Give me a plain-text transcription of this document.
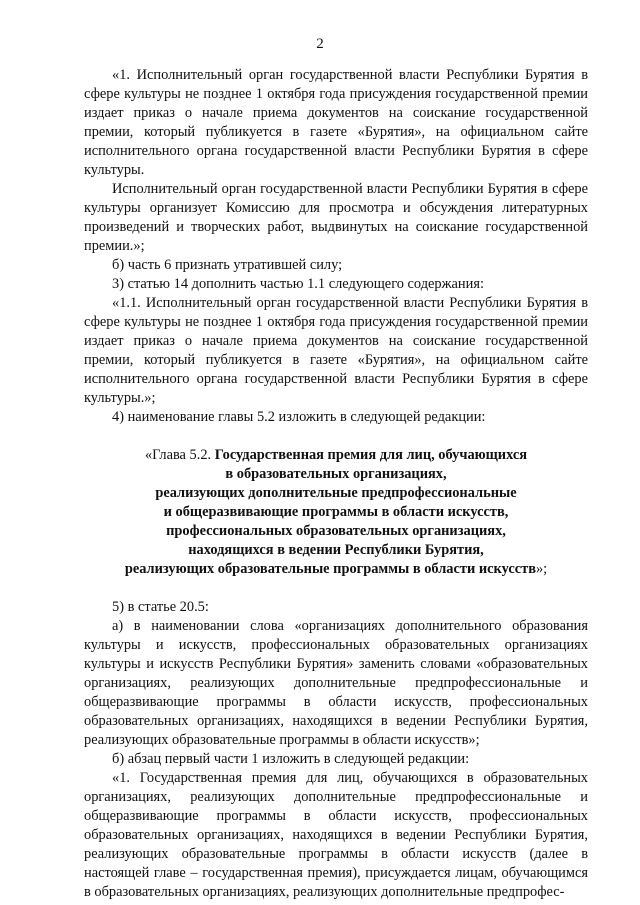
2

«1. Исполнительный орган государственной власти Республики Бурятия в сфере культуры не позднее 1 октября года присуждения государственной премии издает приказ о начале приема документов на соискание государственной премии, который публикуется в газете «Бурятия», на официальном сайте исполнительного органа государственной власти Республики Бурятия в сфере культуры.

Исполнительный орган государственной власти Республики Бурятия в сфере культуры организует Комиссию для просмотра и обсуждения литературных произведений и творческих работ, выдвинутых на соискание государственной премии.»;

б) часть 6 признать утратившей силу;

3) статью 14 дополнить частью 1.1 следующего содержания:

«1.1. Исполнительный орган государственной власти Республики Бурятия в сфере культуры не позднее 1 октября года присуждения государственной премии издает приказ о начале приема документов на соискание государственной премии, который публикуется в газете «Бурятия», на официальном сайте исполнительного органа государственной власти Республики Бурятия в сфере культуры.»;

4) наименование главы 5.2 изложить в следующей редакции:

«Глава 5.2. Государственная премия для лиц, обучающихся
в образовательных организациях,
реализующих дополнительные предпрофессиональные
и общеразвивающие программы в области искусств,
профессиональных образовательных организациях,
находящихся в ведении Республики Бурятия,
реализующих образовательные программы в области искусств»;

5) в статье 20.5:

а) в наименовании слова «организациях дополнительного образования культуры и искусств, профессиональных образовательных организациях культуры и искусств Республики Бурятия» заменить словами «образовательных организациях, реализующих дополнительные предпрофессиональные и общеразвивающие программы в области искусств, профессиональных образовательных организациях, находящихся в ведении Республики Бурятия, реализующих образовательные программы в области искусств»;

б) абзац первый части 1 изложить в следующей редакции:

«1. Государственная премия для лиц, обучающихся в образовательных организациях, реализующих дополнительные предпрофессиональные и общеразвивающие программы в области искусств, профессиональных образовательных организациях, находящихся в ведении Республики Бурятия, реализующих образовательные программы в области искусств (далее в настоящей главе – государственная премия), присуждается лицам, обучающимся в образовательных организациях, реализующих дополнительные предпрофес-
